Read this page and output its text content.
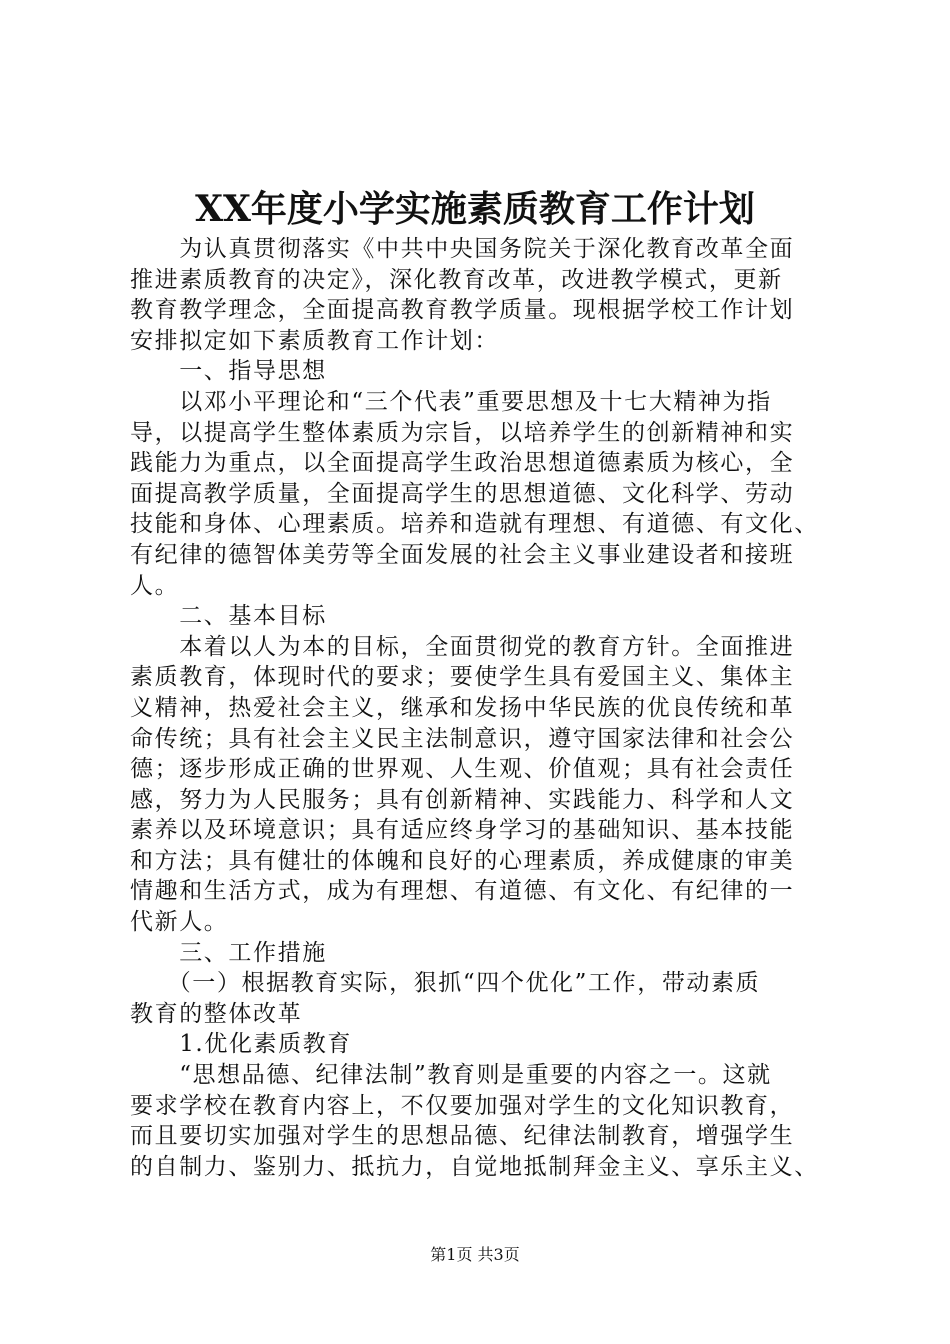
XX年度小学实施素质教育工作计划
　　为认真贯彻落实《中共中央国务院关于深化教育改革全面
推进素质教育的决定》，深化教育改革，改进教学模式，更新
教育教学理念，全面提高教育教学质量。现根据学校工作计划
安排拟定如下素质教育工作计划：
　　一、指导思想
　　以邓小平理论和“三个代表”重要思想及十七大精神为指
导，以提高学生整体素质为宗旨，以培养学生的创新精神和实
践能力为重点，以全面提高学生政治思想道德素质为核心，全
面提高教学质量，全面提高学生的思想道德、文化科学、劳动
技能和身体、心理素质。培养和造就有理想、有道德、有文化、
有纪律的德智体美劳等全面发展的社会主义事业建设者和接班
人。
　　二、基本目标
　　本着以人为本的目标，全面贯彻党的教育方针。全面推进
素质教育，体现时代的要求；要使学生具有爱国主义、集体主
义精神，热爱社会主义，继承和发扬中华民族的优良传统和革
命传统；具有社会主义民主法制意识，遵守国家法律和社会公
德；逐步形成正确的世界观、人生观、价值观；具有社会责任
感，努力为人民服务；具有创新精神、实践能力、科学和人文
素养以及环境意识；具有适应终身学习的基础知识、基本技能
和方法；具有健壮的体魄和良好的心理素质，养成健康的审美
情趣和生活方式，成为有理想、有道德、有文化、有纪律的一
代新人。
　　三、工作措施
　　（一）根据教育实际，狠抓“四个优化”工作，带动素质
教育的整体改革
　　1.优化素质教育
　　“思想品德、纪律法制”教育则是重要的内容之一。这就
要求学校在教育内容上，不仅要加强对学生的文化知识教育，
而且要切实加强对学生的思想品德、纪律法制教育，增强学生
的自制力、鉴别力、抵抗力，自觉地抵制拜金主义、享乐主义、
第1页 共3页
